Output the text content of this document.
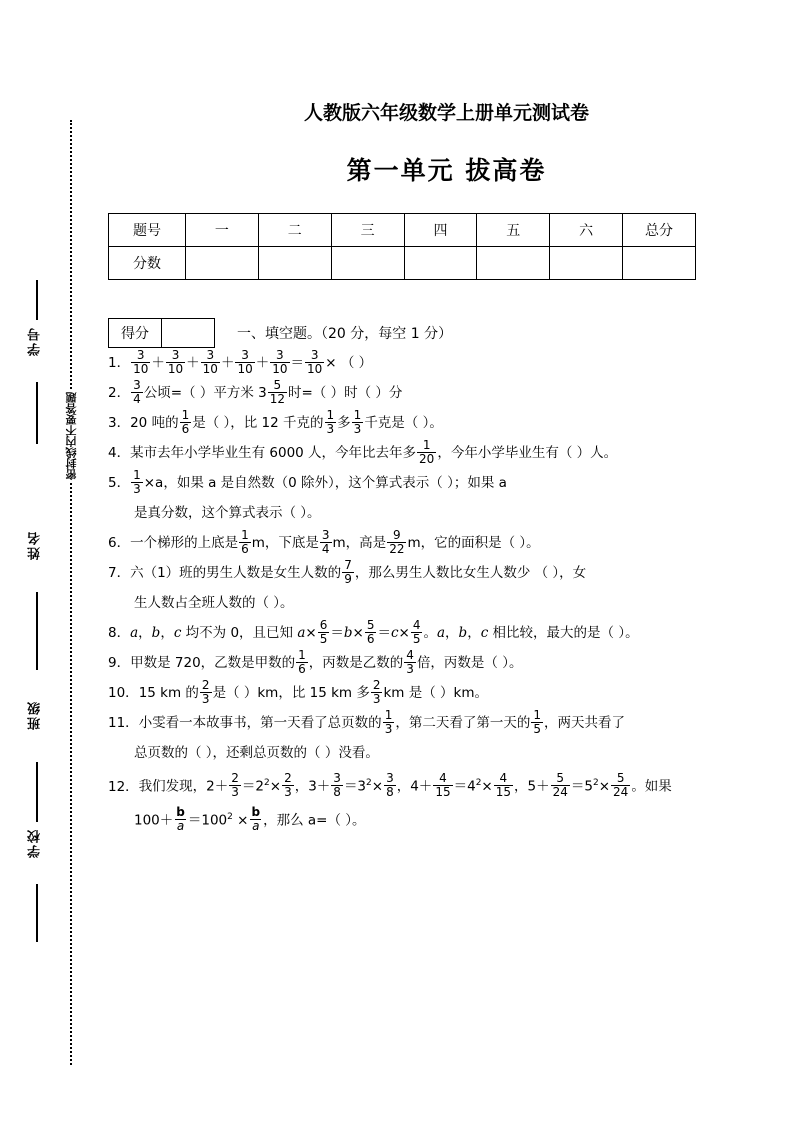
学号
姓名
班级
学校
密封线内不要答题
人教版六年级数学上册单元测试卷
第一单元 拔高卷
题号	一	二	三	四	五	六	总分
分数							
得分		一、填空题。（20 分，每空 1 分）
1． $\frac{3}{10} + \frac{3}{10} + \frac{3}{10} + \frac{3}{10} + \frac{3}{10} = \frac{3}{10}$ × （ ）
2． $\frac{3}{4}$ 公顷=（ ）平方米 $3 \frac{5}{12}$ 时=（ ）时（ ）分
3．20 吨的 $\frac{1}{6}$ 是（ ），比 12 千克的 $\frac{1}{3}$ 多 $\frac{1}{3}$ 千克是（ ）。
4．某市去年小学毕业生有 6000 人，今年比去年多 $\frac{1}{20}$ ，今年小学毕业生有（ ）人。
5． $\frac{1}{3} \times a$，如果 a 是自然数（0 除外），这个算式表示（ ）；如果 a
是真分数，这个算式表示（ ）。
6．一个梯形的上底是 $\frac{1}{6}$ m，下底是 $\frac{3}{4}$ m，高是 $\frac{9}{22}$ m，它的面积是（ ）。
7．六（1）班的男生人数是女生人数的 $\frac{7}{9}$ ，那么男生人数比女生人数少 （ ），女
生人数占全班人数的（ ）。
8．a，b，c 均不为 0，且已知 $a\times \frac{6}{5} =b\times \frac{5}{6} =c\times \frac{4}{5}$ 。a，b，c 相比较，最大的是（ ）。
9．甲数是 720，乙数是甲数的 $\frac{1}{6}$ ，丙数是乙数的 $\frac{4}{3}$ 倍，丙数是（ ）。
10．15 km 的 $\frac{2}{3}$ 是（ ）km，比 15 km 多 $\frac{2}{3}$ km 是（ ）km。
11．小雯看一本故事书，第一天看了总页数的 $\frac{1}{3}$ ，第二天看了第一天的 $\frac{1}{5}$ ，两天共看了
总页数的（ ），还剩总页数的（ ）没看。
12．我们发现，$2+ \frac{2}{3} =2^2\times \frac{2}{3}$ ，$3+ \frac{3}{8} =3^2\times \frac{3}{8}$ ，$4+ \frac{4}{15} =4^2\times \frac{4}{15}$ ，$5+ \frac{5}{24} =5^2\times \frac{5}{24}$ 。如果
$100+ \frac{b}{a} =100^2 \times \frac{b}{a}$ ，那么 a=（ ）。
